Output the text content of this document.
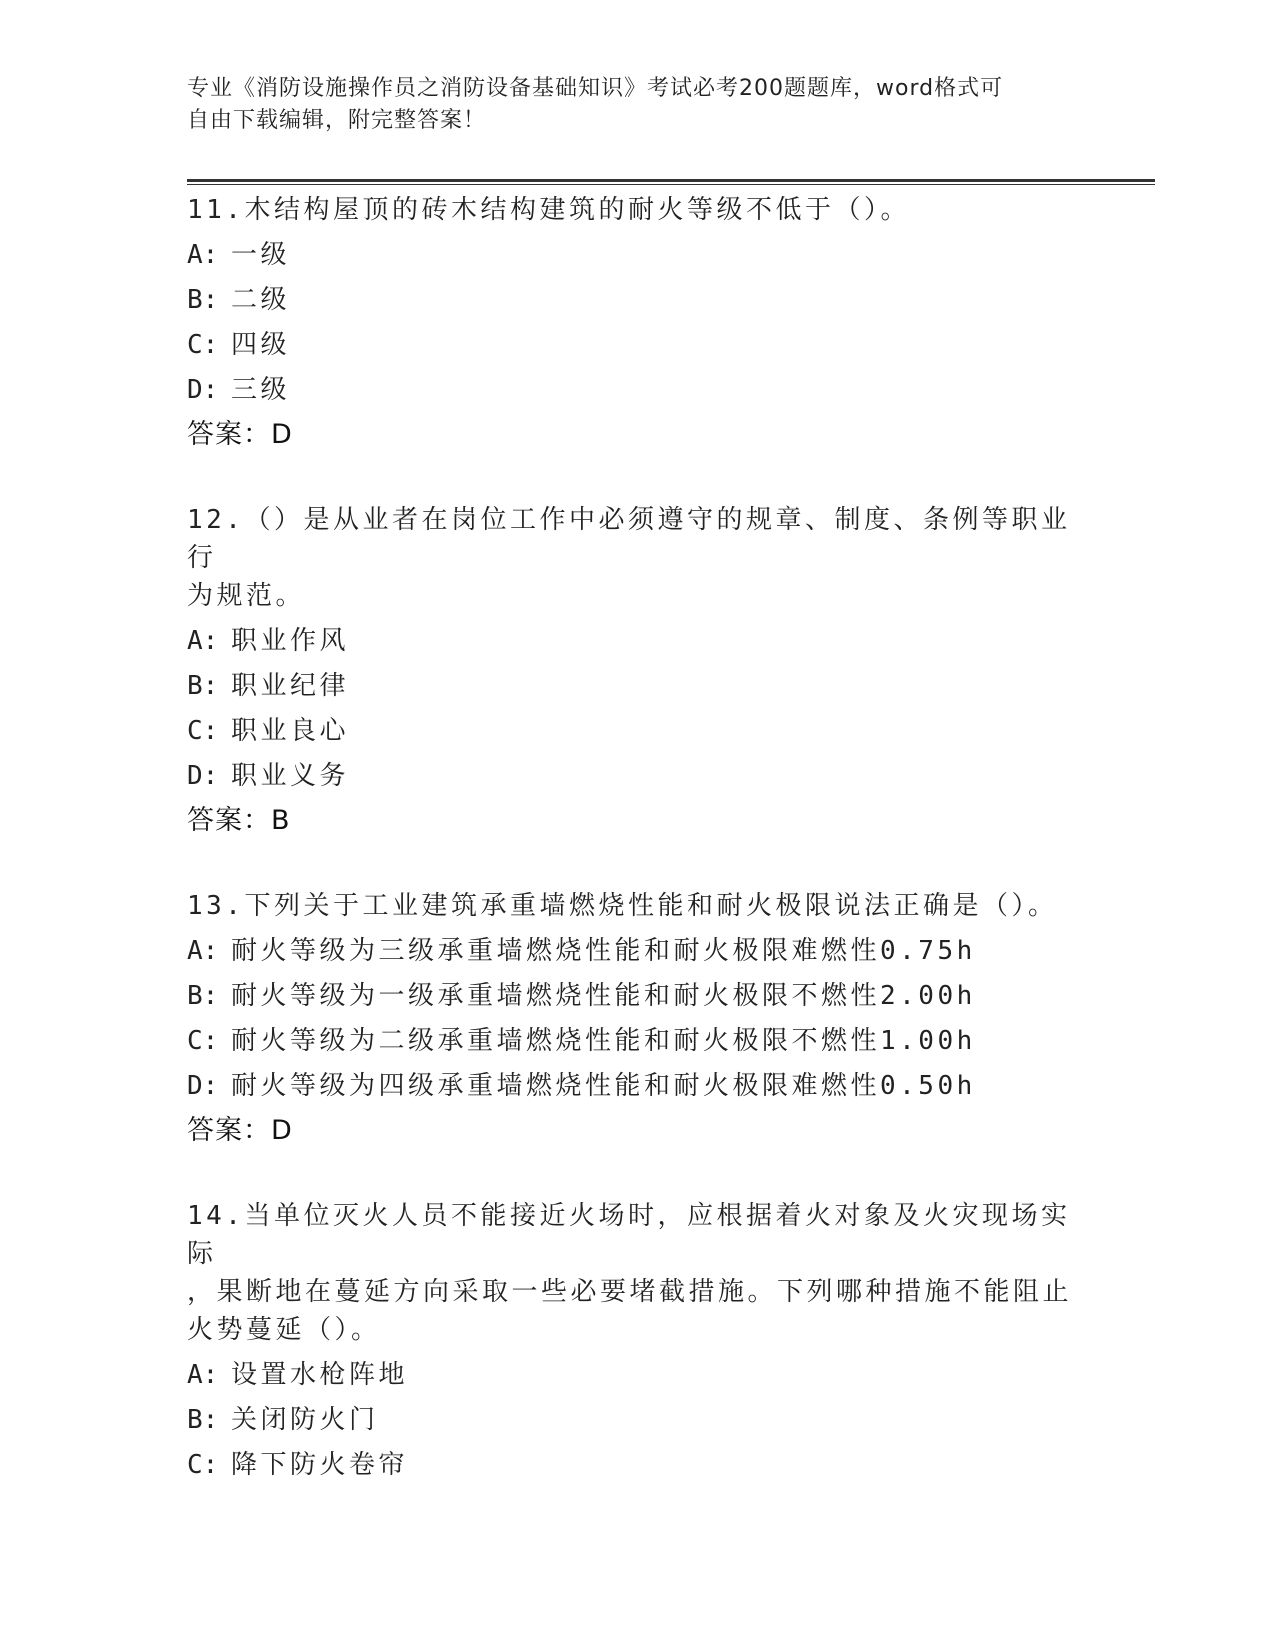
专业《消防设施操作员之消防设备基础知识》考试必考200题题库，word格式可
自由下载编辑，附完整答案！
11.木结构屋顶的砖木结构建筑的耐火等级不低于（）。
A: 一级
B: 二级
C: 四级
D: 三级
答案：D
12.（）是从业者在岗位工作中必须遵守的规章、制度、条例等职业行
为规范。
A: 职业作风
B: 职业纪律
C: 职业良心
D: 职业义务
答案：B
13.下列关于工业建筑承重墙燃烧性能和耐火极限说法正确是（）。
A: 耐火等级为三级承重墙燃烧性能和耐火极限难燃性0.75h
B: 耐火等级为一级承重墙燃烧性能和耐火极限不燃性2.00h
C: 耐火等级为二级承重墙燃烧性能和耐火极限不燃性1.00h
D: 耐火等级为四级承重墙燃烧性能和耐火极限难燃性0.50h
答案：D
14.当单位灭火人员不能接近火场时，应根据着火对象及火灾现场实际
，果断地在蔓延方向采取一些必要堵截措施。下列哪种措施不能阻止
火势蔓延（）。
A: 设置水枪阵地
B: 关闭防火门
C: 降下防火卷帘
